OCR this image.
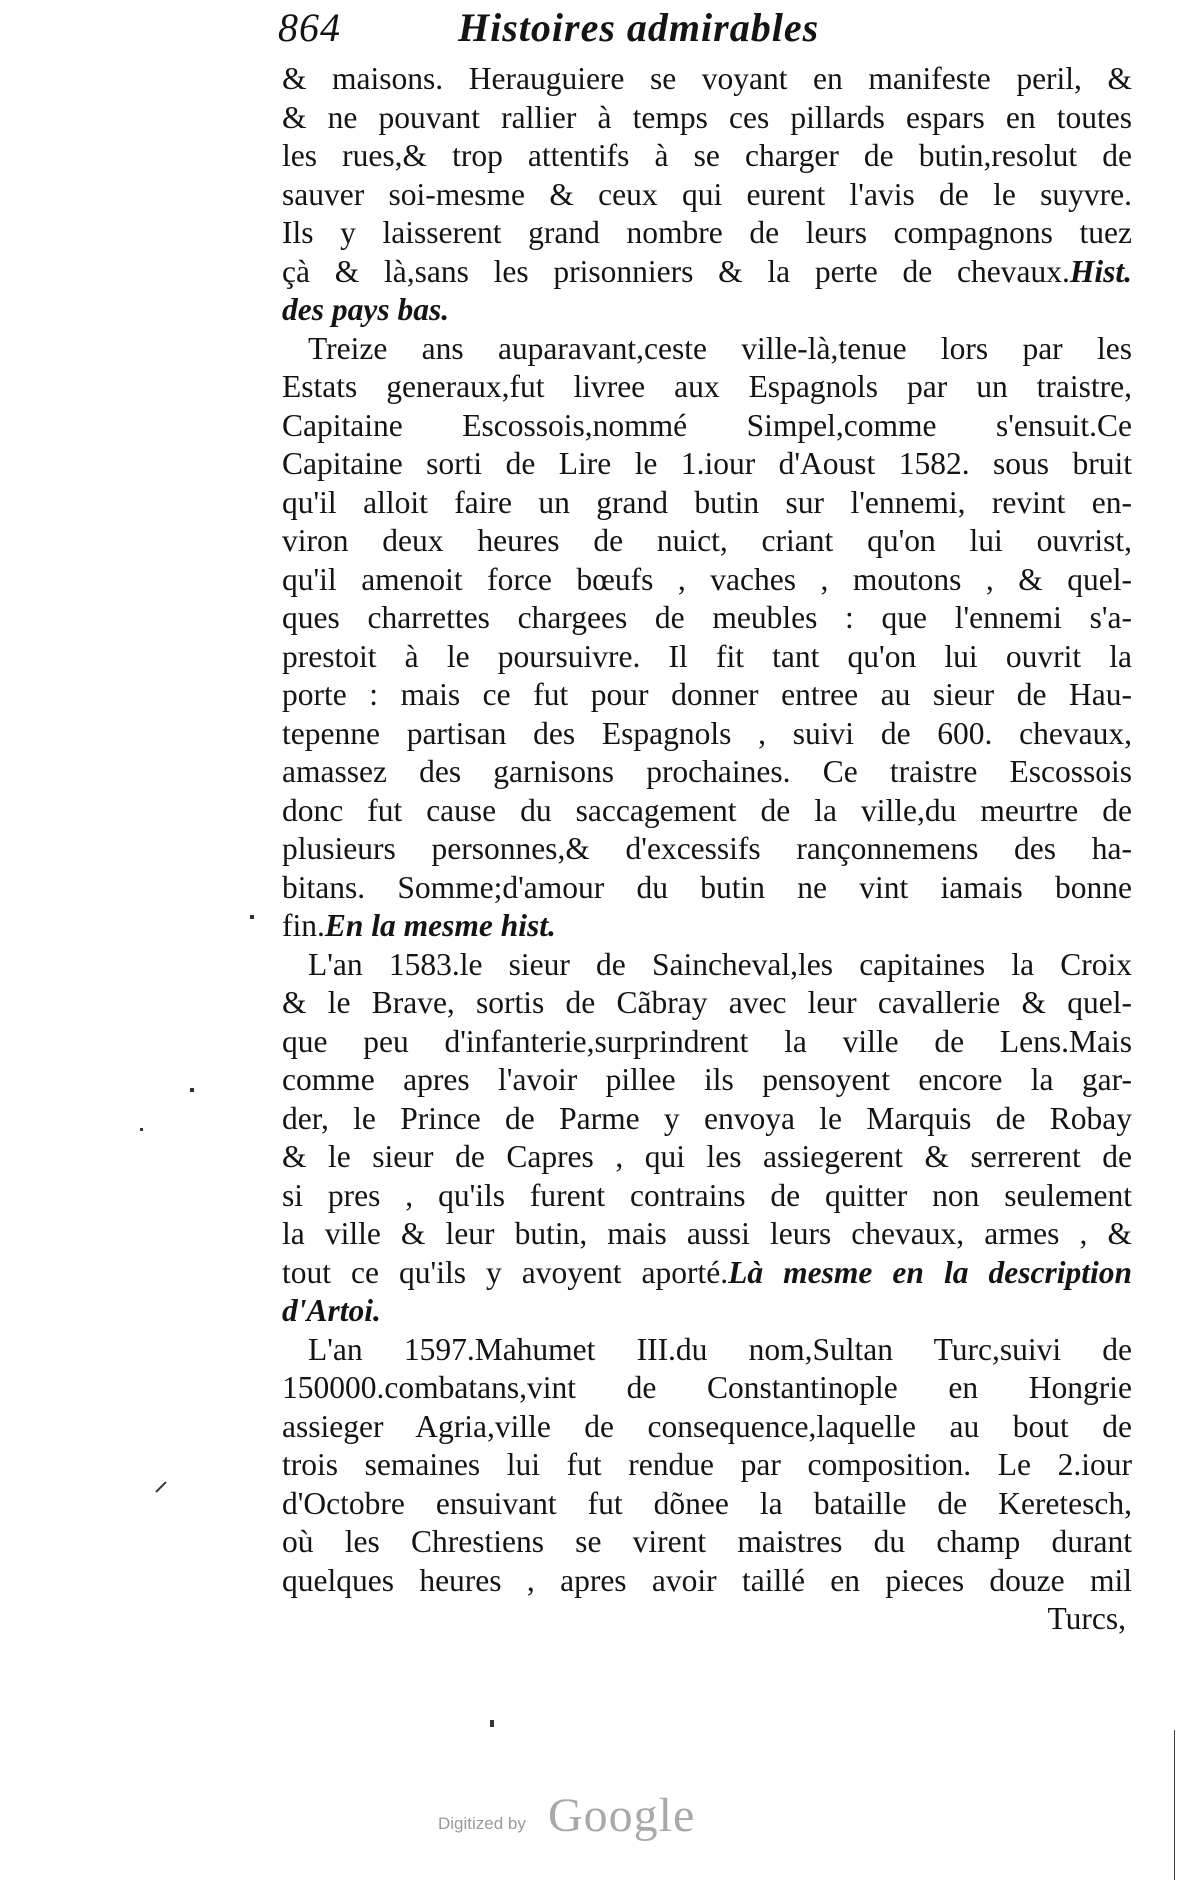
864	Histoires admirables
& maisons. Herauguiere se voyant en manifeste peril, &
& ne pouvant rallier à temps ces pillards espars en toutes
les rues,& trop attentifs à se charger de butin,resolut de
sauver soi-mesme & ceux qui eurent l'avis de le suyvre.
Ils y laisserent grand nombre de leurs compagnons tuez
çà & là,sans les prisonniers & la perte de chevaux.Hist.
des pays bas.
Treize ans auparavant,ceste ville-là,tenue lors par les
Estats generaux,fut livree aux Espagnols par un traistre,
Capitaine Escossois,nommé Simpel,comme s'ensuit.Ce
Capitaine sorti de Lire le 1.iour d'Aoust 1582. sous bruit
qu'il alloit faire un grand butin sur l'ennemi, revint en-
viron deux heures de nuict, criant qu'on lui ouvrist,
qu'il amenoit force bœufs , vaches , moutons , & quel-
ques charrettes chargees de meubles : que l'ennemi s'a-
prestoit à le poursuivre. Il fit tant qu'on lui ouvrit la
porte : mais ce fut pour donner entree au sieur de Hau-
tepenne partisan des Espagnols , suivi de 600. chevaux,
amassez des garnisons prochaines. Ce traistre Escossois
donc fut cause du saccagement de la ville,du meurtre de
plusieurs personnes,& d'excessifs rançonnemens des ha-
bitans. Somme;d'amour du butin ne vint iamais bonne
fin.En la mesme hist.
L'an 1583.le sieur de Saincheval,les capitaines la Croix
& le Brave, sortis de Cãbray avec leur cavallerie & quel-
que peu d'infanterie,surprindrent la ville de Lens.Mais
comme apres l'avoir pillee ils pensoyent encore la gar-
der, le Prince de Parme y envoya le Marquis de Robay
& le sieur de Capres , qui les assiegerent & serrerent de
si pres , qu'ils furent contrains de quitter non seulement
la ville & leur butin, mais aussi leurs chevaux, armes , &
tout ce qu'ils y avoyent aporté.Là mesme en la description
d'Artoi.
L'an 1597.Mahumet III.du nom,Sultan Turc,suivi de
150000.combatans,vint de Constantinople en Hongrie
assieger Agria,ville de consequence,laquelle au bout de
trois semaines lui fut rendue par composition. Le 2.iour
d'Octobre ensuivant fut dõnee la bataille de Keretesch,
où les Chrestiens se virent maistres du champ durant
quelques heures , apres avoir taillé en pieces douze mil
Turcs,
Digitized by Google
